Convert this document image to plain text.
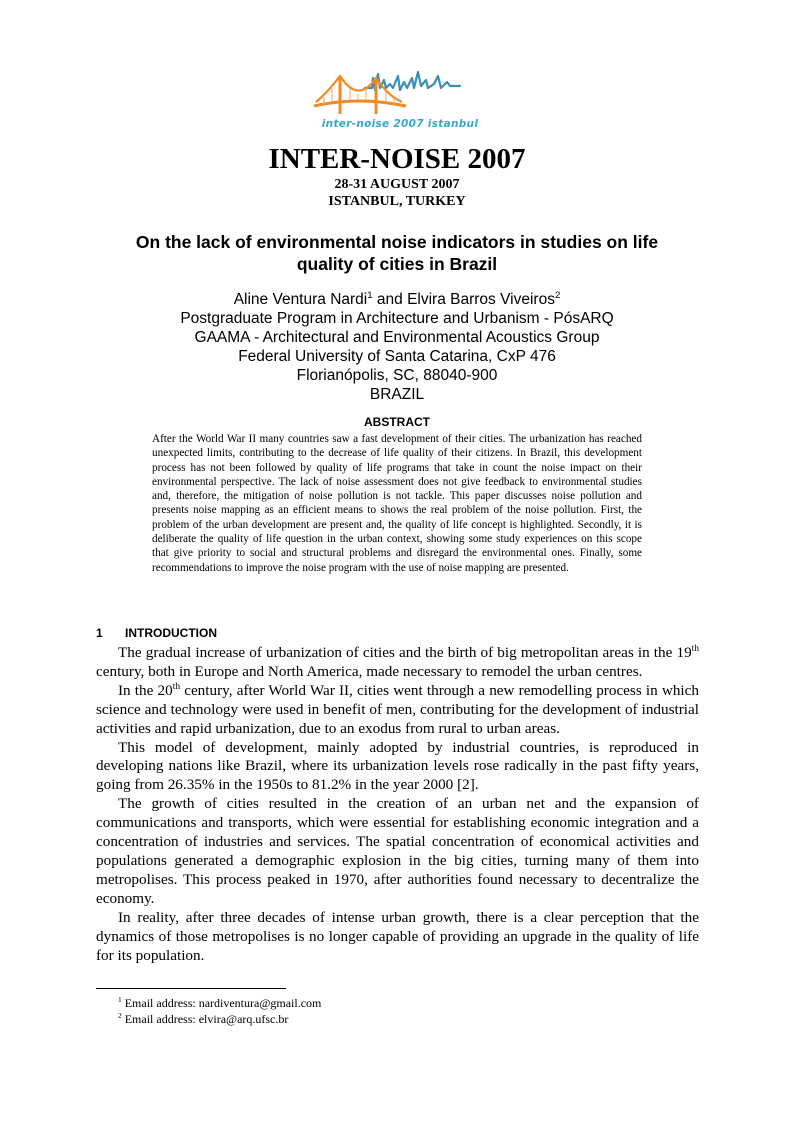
inter-noise 2007 istanbul
INTER-NOISE 2007
28-31 AUGUST 2007
ISTANBUL, TURKEY
On the lack of environmental noise indicators in studies on life quality of cities in Brazil
Aline Ventura Nardi$^1$ and Elvira Barros Viveiros$^2$
Postgraduate Program in Architecture and Urbanism - PósARQ
GAAMA - Architectural and Environmental Acoustics Group
Federal University of Santa Catarina, CxP 476
Florianópolis, SC, 88040-900
BRAZIL
ABSTRACT
After the World War II many countries saw a fast development of their cities. The urbanization has reached unexpected limits, contributing to the decrease of life quality of their citizens. In Brazil, this development process has not been followed by quality of life programs that take in count the noise impact on their environmental perspective. The lack of noise assessment does not give feedback to environmental studies and, therefore, the mitigation of noise pollution is not tackle. This paper discusses noise pollution and presents noise mapping as an efficient means to shows the real problem of the noise pollution. First, the problem of the urban development are present and, the quality of life concept is highlighted. Secondly, it is deliberate the quality of life question in the urban context, showing some study experiences on this scope that give priority to social and structural problems and disregard the environmental ones. Finally, some recommendations to improve the noise program with the use of noise mapping are presented.
1 INTRODUCTION

The gradual increase of urbanization of cities and the birth of big metropolitan areas in the 19th century, both in Europe and North America, made necessary to remodel the urban centres.

In the 20th century, after World War II, cities went through a new remodelling process in which science and technology were used in benefit of men, contributing for the development of industrial activities and rapid urbanization, due to an exodus from rural to urban areas.

This model of development, mainly adopted by industrial countries, is reproduced in developing nations like Brazil, where its urbanization levels rose radically in the past fifty years, going from 26.35% in the 1950s to 81.2% in the year 2000 [2].

The growth of cities resulted in the creation of an urban net and the expansion of communications and transports, which were essential for establishing economic integration and a concentration of industries and services. The spatial concentration of economical activities and populations generated a demographic explosion in the big cities, turning many of them into metropolises. This process peaked in 1970, after authorities found necessary to decentralize the economy.

In reality, after three decades of intense urban growth, there is a clear perception that the dynamics of those metropolises is no longer capable of providing an upgrade in the quality of life for its population.

$^1$ Email address: nardiventura@gmail.com
$^2$ Email address: elvira@arq.ufsc.br
